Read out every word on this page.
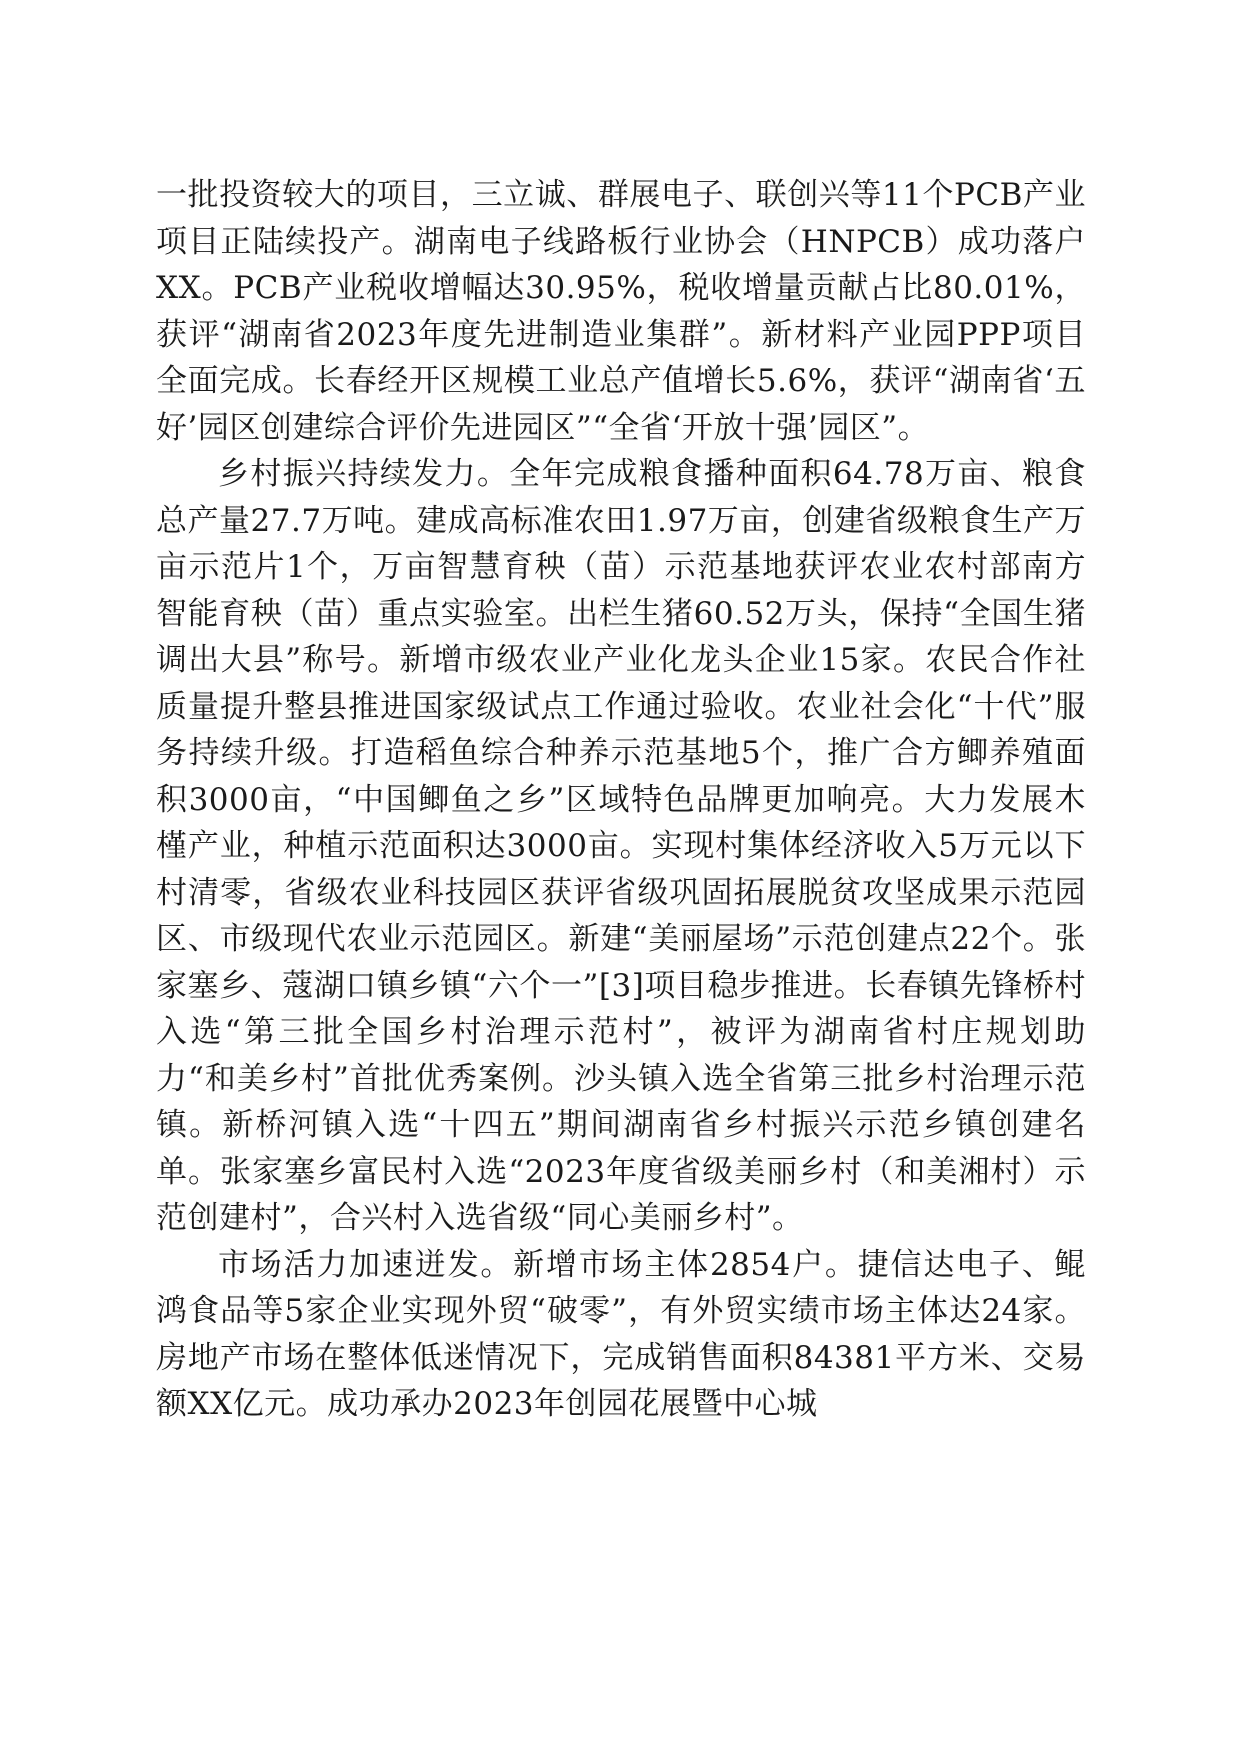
一批投资较大的项目，三立诚、群展电子、联创兴等11个PCB产业项目正陆续投产。湖南电子线路板行业协会（HNPCB）成功落户XX。PCB产业税收增幅达30.95%，税收增量贡献占比80.01%，获评“湖南省2023年度先进制造业集群”。新材料产业园PPP项目全面完成。长春经开区规模工业总产值增长5.6%，获评“湖南省‘五好’园区创建综合评价先进园区”“全省‘开放十强’园区”。

乡村振兴持续发力。全年完成粮食播种面积64.78万亩、粮食总产量27.7万吨。建成高标准农田1.97万亩，创建省级粮食生产万亩示范片1个，万亩智慧育秧（苗）示范基地获评农业农村部南方智能育秧（苗）重点实验室。出栏生猪60.52万头，保持“全国生猪调出大县”称号。新增市级农业产业化龙头企业15家。农民合作社质量提升整县推进国家级试点工作通过验收。农业社会化“十代”服务持续升级。打造稻鱼综合种养示范基地5个，推广合方鲫养殖面积3000亩，“中国鲫鱼之乡”区域特色品牌更加响亮。大力发展木槿产业，种植示范面积达3000亩。实现村集体经济收入5万元以下村清零，省级农业科技园区获评省级巩固拓展脱贫攻坚成果示范园区、市级现代农业示范园区。新建“美丽屋场”示范创建点22个。张家塞乡、蔻湖口镇乡镇“六个一”[3]项目稳步推进。长春镇先锋桥村入选“第三批全国乡村治理示范村”，被评为湖南省村庄规划助力“和美乡村”首批优秀案例。沙头镇入选全省第三批乡村治理示范镇。新桥河镇入选“十四五”期间湖南省乡村振兴示范乡镇创建名单。张家塞乡富民村入选“2023年度省级美丽乡村（和美湘村）示范创建村”，合兴村入选省级“同心美丽乡村”。

市场活力加速迸发。新增市场主体2854户。捷信达电子、鲲鸿食品等5家企业实现外贸“破零”，有外贸实绩市场主体达24家。房地产市场在整体低迷情况下，完成销售面积84381平方米、交易额XX亿元。成功承办2023年创园花展暨中心城
